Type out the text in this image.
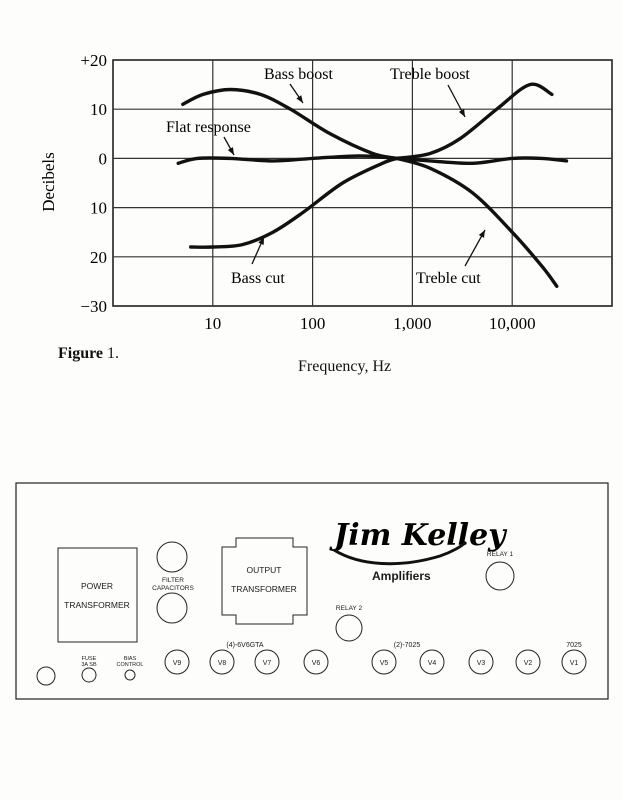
+20
10
0
10
20
−30
10	100	1,000	10,000
Decibels
Bass boost	Treble boost
Flat response
Bass cut	Treble cut
Figure 1.
Frequency, Hz
POWER
TRANSFORMER
FILTER
CAPACITORS
OUTPUT
TRANSFORMER
Jim Kelley
Amplifiers
RELAY 1
RELAY 2
(4)-6V6GTA	(2)-7025	7025
FUSE
3A SB
BIAS
CONTROL	V9	V8	V7	V6	V5	V4	V3	V2	V1
